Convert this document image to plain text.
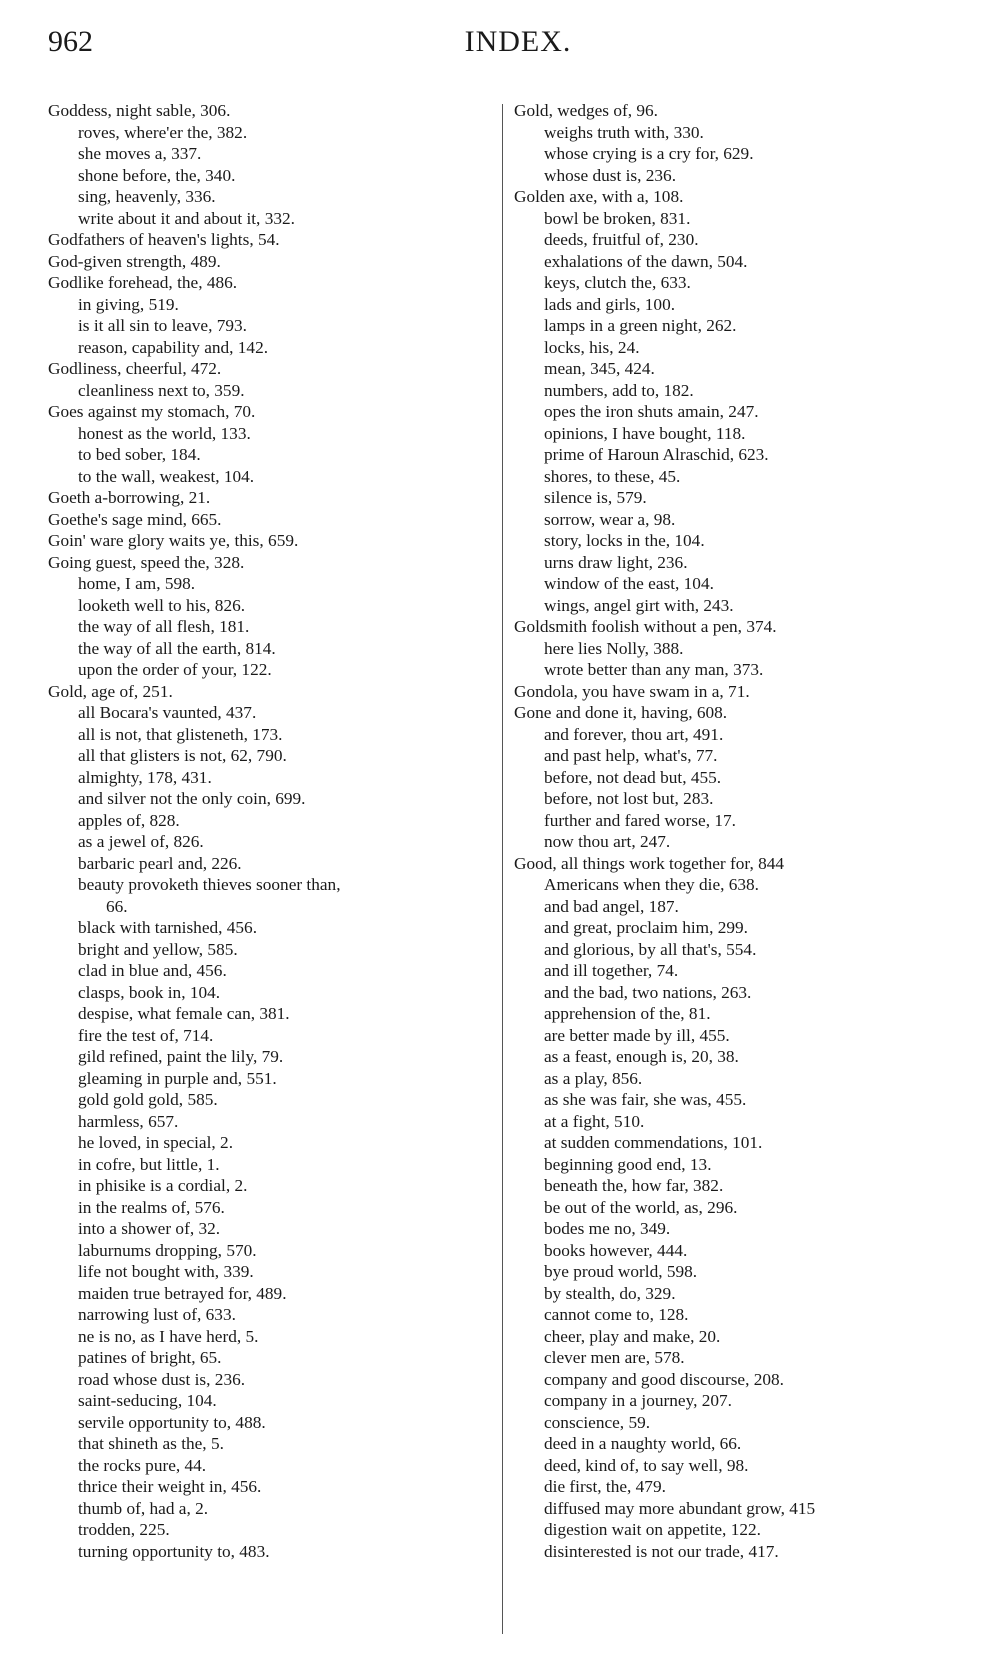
962	INDEX.
Goddess, night sable, 306.
roves, where'er the, 382.
she moves a, 337.
shone before, the, 340.
sing, heavenly, 336.
write about it and about it, 332.
Godfathers of heaven's lights, 54.
God-given strength, 489.
Godlike forehead, the, 486.
in giving, 519.
is it all sin to leave, 793.
reason, capability and, 142.
Godliness, cheerful, 472.
cleanliness next to, 359.
Goes against my stomach, 70.
honest as the world, 133.
to bed sober, 184.
to the wall, weakest, 104.
Goeth a-borrowing, 21.
Goethe's sage mind, 665.
Goin' ware glory waits ye, this, 659.
Going guest, speed the, 328.
home, I am, 598.
looketh well to his, 826.
the way of all flesh, 181.
the way of all the earth, 814.
upon the order of your, 122.
Gold, age of, 251.
all Bocara's vaunted, 437.
all is not, that glisteneth, 173.
all that glisters is not, 62, 790.
almighty, 178, 431.
and silver not the only coin, 699.
apples of, 828.
as a jewel of, 826.
barbaric pearl and, 226.
beauty provoketh thieves sooner than,
66.
black with tarnished, 456.
bright and yellow, 585.
clad in blue and, 456.
clasps, book in, 104.
despise, what female can, 381.
fire the test of, 714.
gild refined, paint the lily, 79.
gleaming in purple and, 551.
gold gold gold, 585.
harmless, 657.
he loved, in special, 2.
in cofre, but little, 1.
in phisike is a cordial, 2.
in the realms of, 576.
into a shower of, 32.
laburnums dropping, 570.
life not bought with, 339.
maiden true betrayed for, 489.
narrowing lust of, 633.
ne is no, as I have herd, 5.
patines of bright, 65.
road whose dust is, 236.
saint-seducing, 104.
servile opportunity to, 488.
that shineth as the, 5.
the rocks pure, 44.
thrice their weight in, 456.
thumb of, had a, 2.
trodden, 225.
turning opportunity to, 483.
Gold, wedges of, 96.
weighs truth with, 330.
whose crying is a cry for, 629.
whose dust is, 236.
Golden axe, with a, 108.
bowl be broken, 831.
deeds, fruitful of, 230.
exhalations of the dawn, 504.
keys, clutch the, 633.
lads and girls, 100.
lamps in a green night, 262.
locks, his, 24.
mean, 345, 424.
numbers, add to, 182.
opes the iron shuts amain, 247.
opinions, I have bought, 118.
prime of Haroun Alraschid, 623.
shores, to these, 45.
silence is, 579.
sorrow, wear a, 98.
story, locks in the, 104.
urns draw light, 236.
window of the east, 104.
wings, angel girt with, 243.
Goldsmith foolish without a pen, 374.
here lies Nolly, 388.
wrote better than any man, 373.
Gondola, you have swam in a, 71.
Gone and done it, having, 608.
and forever, thou art, 491.
and past help, what's, 77.
before, not dead but, 455.
before, not lost but, 283.
further and fared worse, 17.
now thou art, 247.
Good, all things work together for, 844
Americans when they die, 638.
and bad angel, 187.
and great, proclaim him, 299.
and glorious, by all that's, 554.
and ill together, 74.
and the bad, two nations, 263.
apprehension of the, 81.
are better made by ill, 455.
as a feast, enough is, 20, 38.
as a play, 856.
as she was fair, she was, 455.
at a fight, 510.
at sudden commendations, 101.
beginning good end, 13.
beneath the, how far, 382.
be out of the world, as, 296.
bodes me no, 349.
books however, 444.
bye proud world, 598.
by stealth, do, 329.
cannot come to, 128.
cheer, play and make, 20.
clever men are, 578.
company and good discourse, 208.
company in a journey, 207.
conscience, 59.
deed in a naughty world, 66.
deed, kind of, to say well, 98.
die first, the, 479.
diffused may more abundant grow, 415
digestion wait on appetite, 122.
disinterested is not our trade, 417.
